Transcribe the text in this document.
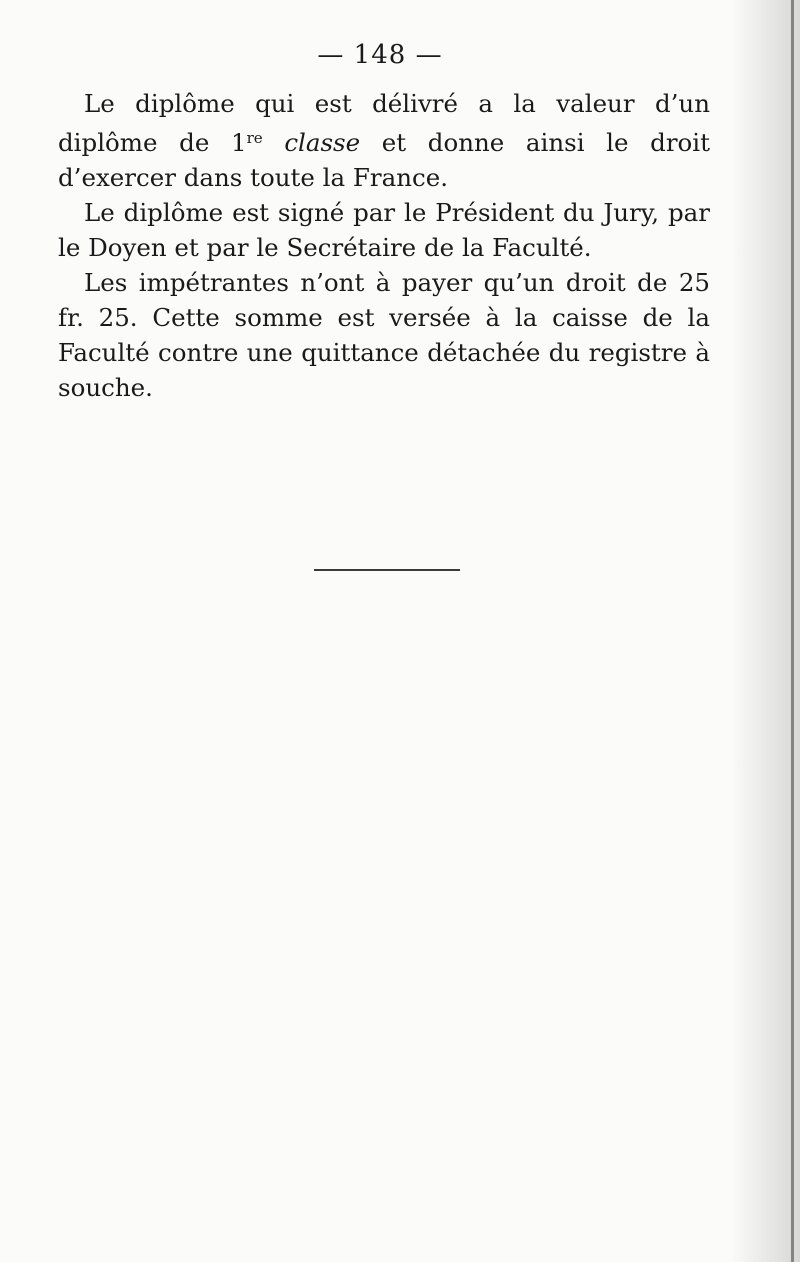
— 148 —

Le diplôme qui est délivré a la valeur d’un diplôme de 1re classe et donne ainsi le droit d’exercer dans toute la France.

Le diplôme est signé par le Président du Jury, par le Doyen et par le Secrétaire de la Faculté.

Les impétrantes n’ont à payer qu’un droit de 25 fr. 25. Cette somme est versée à la caisse de la Faculté contre une quittance détachée du registre à souche.
